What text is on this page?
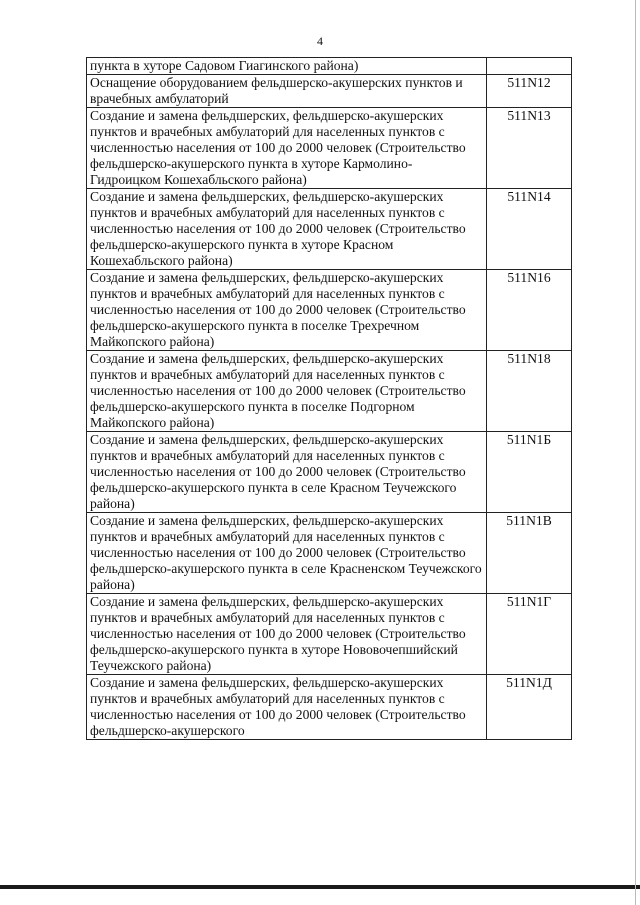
4
пункта в хуторе Садовом Гиагинского района)	
Оснащение оборудованием фельдшерско-акушерских пунктов и врачебных амбулаторий	511N12
Создание и замена фельдшерских, фельдшерско-акушерских пунктов и врачебных амбулаторий для населенных пунктов с численностью населения от 100 до 2000 человек (Строительство фельдшерско-акушерского пункта в хуторе Кармолино-Гидроицком Кошехабльского района)	511N13
Создание и замена фельдшерских, фельдшерско-акушерских пунктов и врачебных амбулаторий для населенных пунктов с численностью населения от 100 до 2000 человек (Строительство фельдшерско-акушерского пункта в хуторе Красном Кошехабльского района)	511N14
Создание и замена фельдшерских, фельдшерско-акушерских пунктов и врачебных амбулаторий для населенных пунктов с численностью населения от 100 до 2000 человек (Строительство фельдшерско-акушерского пункта в поселке Трехречном Майкопского района)	511N16
Создание и замена фельдшерских, фельдшерско-акушерских пунктов и врачебных амбулаторий для населенных пунктов с численностью населения от 100 до 2000 человек (Строительство фельдшерско-акушерского пункта в поселке Подгорном Майкопского района)	511N18
Создание и замена фельдшерских, фельдшерско-акушерских пунктов и врачебных амбулаторий для населенных пунктов с численностью населения от 100 до 2000 человек (Строительство фельдшерско-акушерского пункта в селе Красном Теучежского района)	511N1Б
Создание и замена фельдшерских, фельдшерско-акушерских пунктов и врачебных амбулаторий для населенных пунктов с численностью населения от 100 до 2000 человек (Строительство фельдшерско-акушерского пункта в селе Красненском Теучежского района)	511N1В
Создание и замена фельдшерских, фельдшерско-акушерских пунктов и врачебных амбулаторий для населенных пунктов с численностью населения от 100 до 2000 человек (Строительство фельдшерско-акушерского пункта в хуторе Нововочепшийский Теучежского района)	511N1Г
Создание и замена фельдшерских, фельдшерско-акушерских пунктов и врачебных амбулаторий для населенных пунктов с численностью населения от 100 до 2000 человек (Строительство фельдшерско-акушерского	511N1Д
